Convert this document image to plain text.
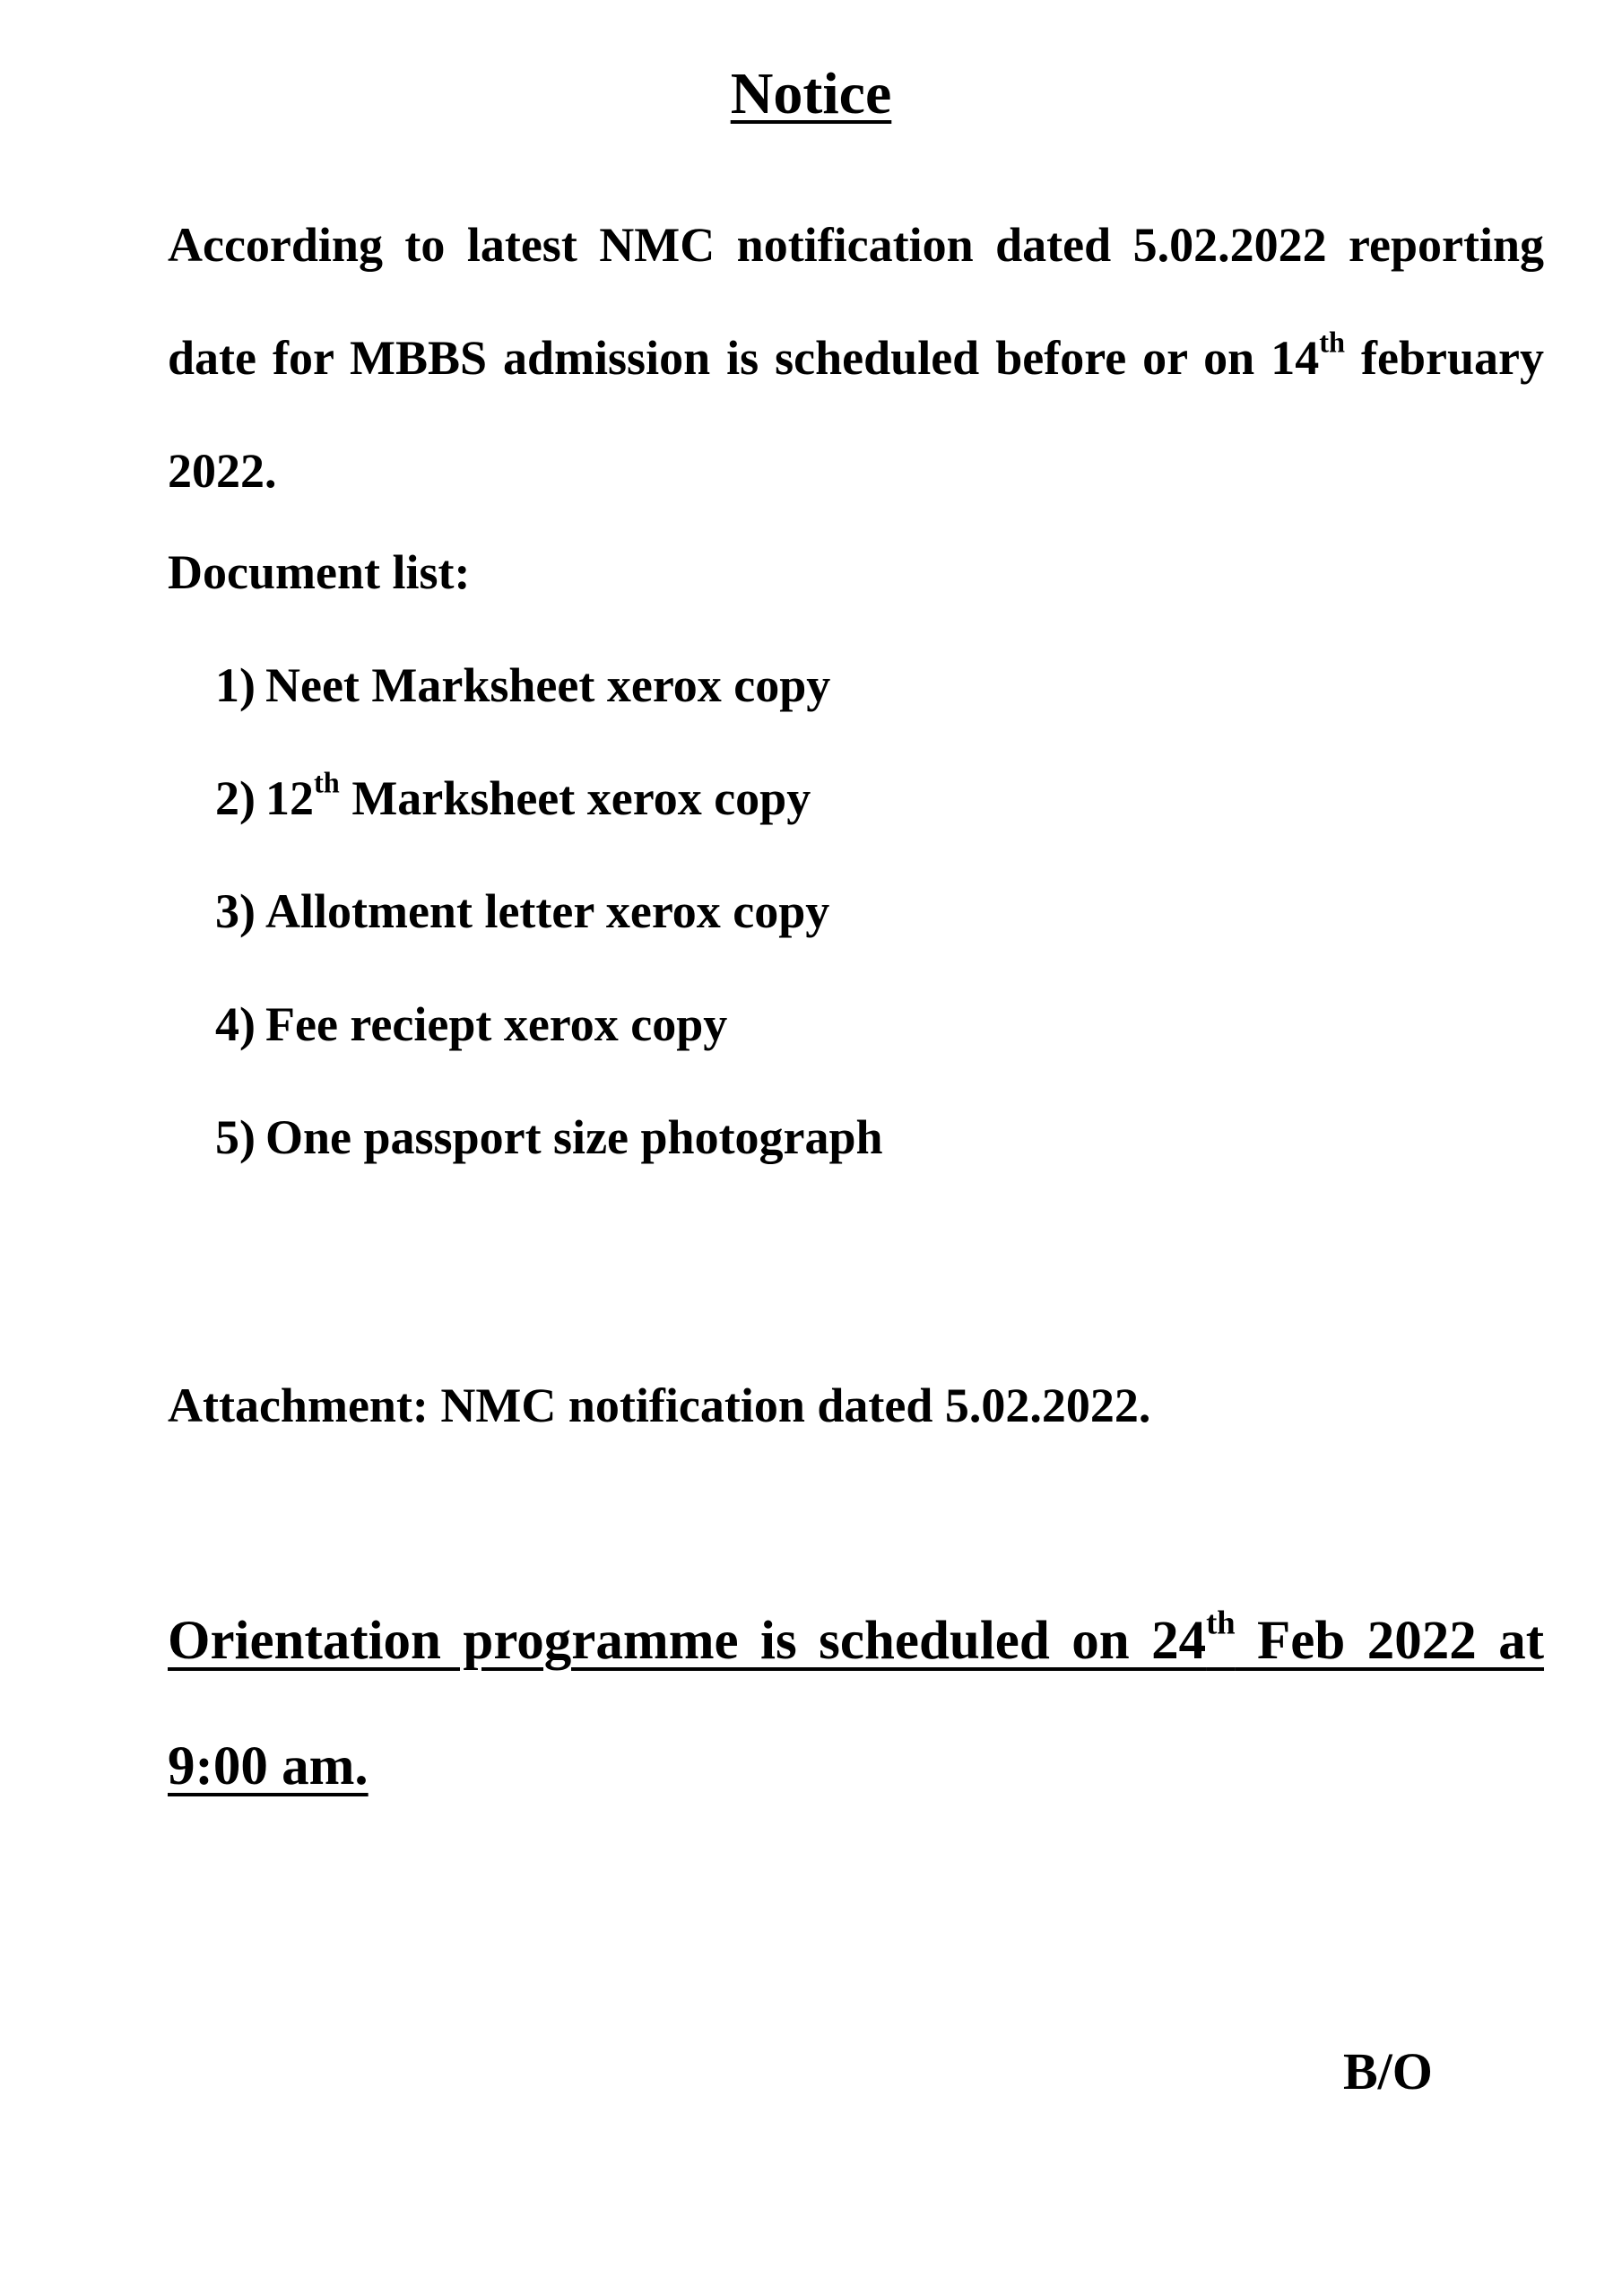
Notice

According to latest NMC notification dated 5.02.2022 reporting date for MBBS admission is scheduled before or on 14th february 2022.

Document list:
1) Neet Marksheet xerox copy
2) 12th Marksheet xerox copy
3) Allotment letter xerox copy
4) Fee reciept xerox copy
5) One passport size photograph
Attachment: NMC notification dated 5.02.2022.

Orientation programme is scheduled on 24th Feb 2022 at 9:00 am.

B/O
